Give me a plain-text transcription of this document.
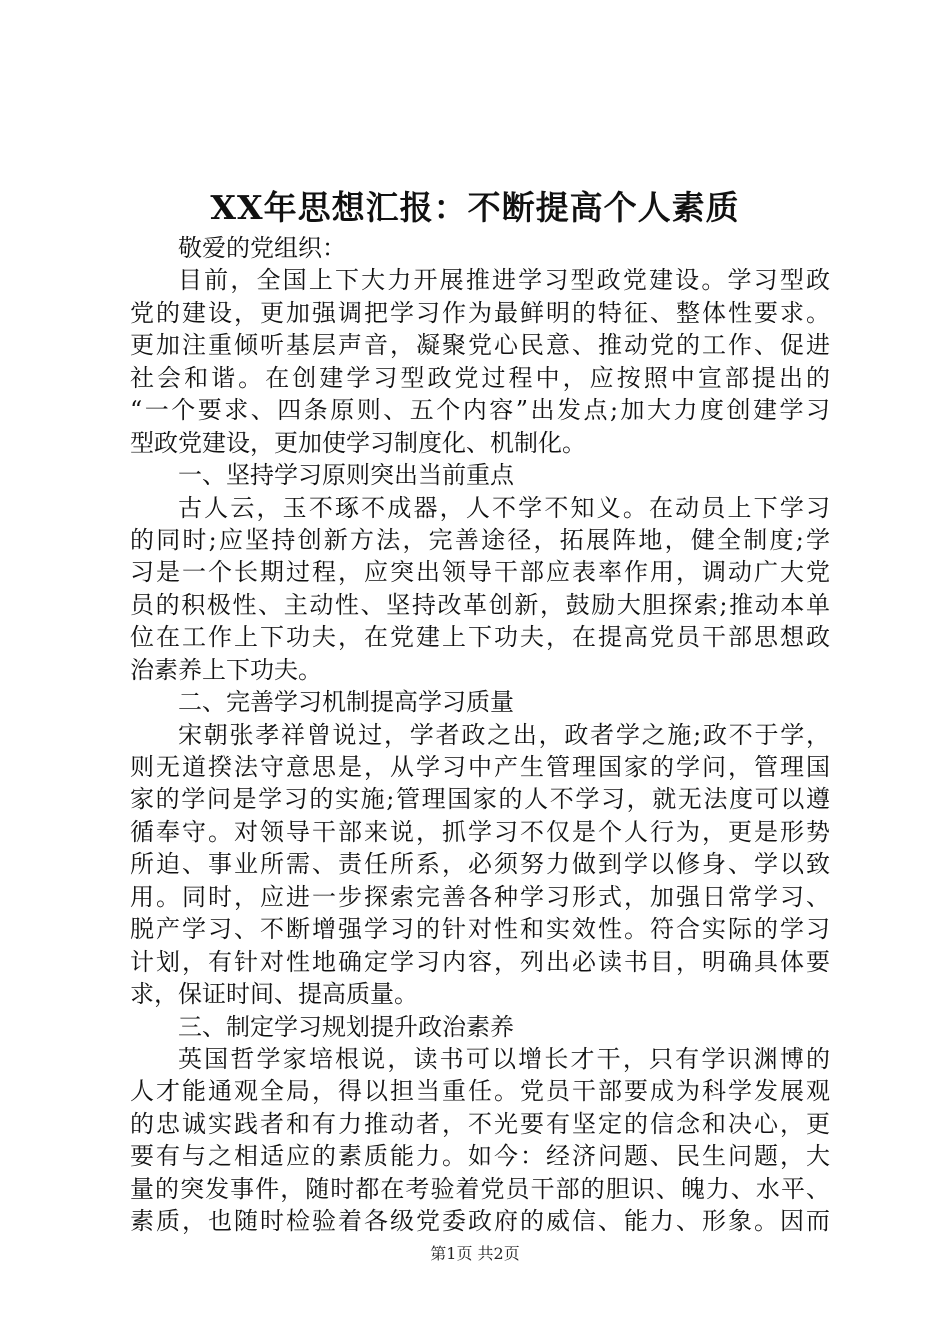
XX年思想汇报：不断提高个人素质
敬爱的党组织：
目前，全国上下大力开展推进学习型政党建设。学习型政
党的建设，更加强调把学习作为最鲜明的特征、整体性要求。
更加注重倾听基层声音，凝聚党心民意、推动党的工作、促进
社会和谐。在创建学习型政党过程中，应按照中宣部提出的
“一个要求、四条原则、五个内容”出发点;加大力度创建学习
型政党建设，更加使学习制度化、机制化。
一、坚持学习原则突出当前重点
古人云，玉不琢不成器，人不学不知义。在动员上下学习
的同时;应坚持创新方法，完善途径，拓展阵地，健全制度;学
习是一个长期过程，应突出领导干部应表率作用，调动广大党
员的积极性、主动性、坚持改革创新，鼓励大胆探索;推动本单
位在工作上下功夫，在党建上下功夫，在提高党员干部思想政
治素养上下功夫。
二、完善学习机制提高学习质量
宋朝张孝祥曾说过，学者政之出，政者学之施;政不于学，
则无道揆法守意思是，从学习中产生管理国家的学问，管理国
家的学问是学习的实施;管理国家的人不学习，就无法度可以遵
循奉守。对领导干部来说，抓学习不仅是个人行为，更是形势
所迫、事业所需、责任所系，必须努力做到学以修身、学以致
用。同时，应进一步探索完善各种学习形式，加强日常学习、
脱产学习、不断增强学习的针对性和实效性。符合实际的学习
计划，有针对性地确定学习内容，列出必读书目，明确具体要
求，保证时间、提高质量。
三、制定学习规划提升政治素养
英国哲学家培根说，读书可以增长才干，只有学识渊博的
人才能通观全局，得以担当重任。党员干部要成为科学发展观
的忠诚实践者和有力推动者，不光要有坚定的信念和决心，更
要有与之相适应的素质能力。如今：经济问题、民生问题，大
量的突发事件，随时都在考验着党员干部的胆识、魄力、水平、
素质，也随时检验着各级党委政府的威信、能力、形象。因而
第1页 共2页
